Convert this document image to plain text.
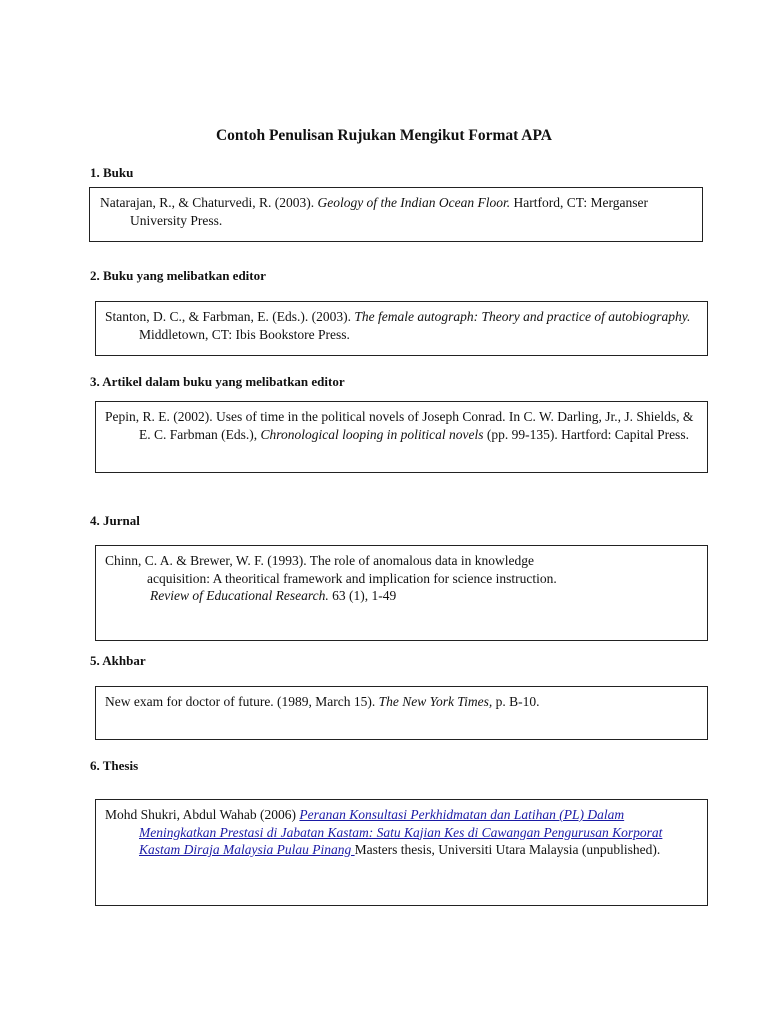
Contoh Penulisan Rujukan Mengikut Format APA

1. Buku

Natarajan, R., & Chaturvedi, R. (2003). Geology of the Indian Ocean Floor. Hartford, CT: Merganser University Press.

2. Buku yang melibatkan editor

Stanton, D. C., & Farbman, E. (Eds.). (2003). The female autograph: Theory and practice of autobiography. Middletown, CT: Ibis Bookstore Press.

3. Artikel dalam buku yang melibatkan editor

Pepin, R. E. (2002). Uses of time in the political novels of Joseph Conrad. In C. W. Darling, Jr., J. Shields, & E. C. Farbman (Eds.), Chronological looping in political novels (pp. 99-135). Hartford: Capital Press.

4. Jurnal

Chinn, C. A. & Brewer, W. F. (1993). The role of anomalous data in knowledge
acquisition: A theoritical framework and implication for science instruction.
Review of Educational Research. 63 (1), 1-49

5. Akhbar

New exam for doctor of future. (1989, March 15). The New York Times, p. B-10.

6. Thesis

Mohd Shukri, Abdul Wahab (2006) Peranan Konsultasi Perkhidmatan dan Latihan (PL) Dalam Meningkatkan Prestasi di Jabatan Kastam: Satu Kajian Kes di Cawangan Pengurusan Korporat Kastam Diraja Malaysia Pulau Pinang Masters thesis, Universiti Utara Malaysia (unpublished).
